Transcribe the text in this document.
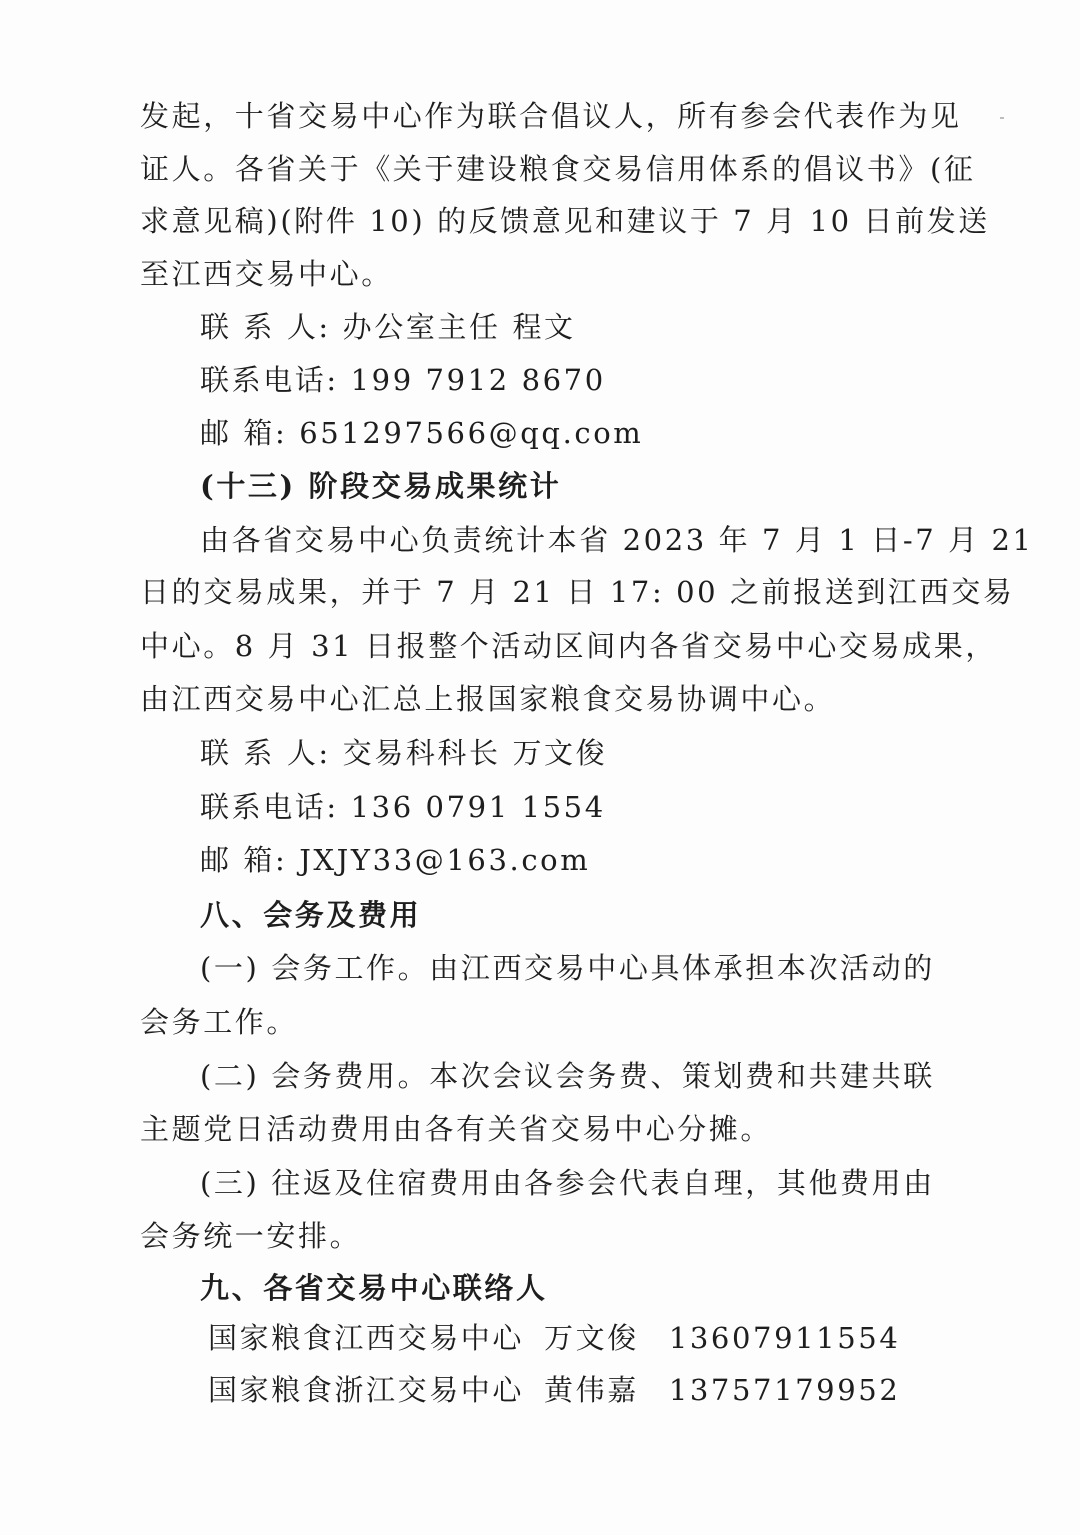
发起，十省交易中心作为联合倡议人，所有参会代表作为见
证人。各省关于《关于建设粮食交易信用体系的倡议书》(征
求意见稿)(附件 10) 的反馈意见和建议于 7 月 10 日前发送
至江西交易中心。
联 系 人: 办公室主任 程文
联系电话: 199 7912 8670
邮 箱: 651297566@qq.com
(十三) 阶段交易成果统计
由各省交易中心负责统计本省 2023 年 7 月 1 日-7 月 21
日的交易成果，并于 7 月 21 日 17: 00 之前报送到江西交易
中心。8 月 31 日报整个活动区间内各省交易中心交易成果，
由江西交易中心汇总上报国家粮食交易协调中心。
联 系 人: 交易科科长 万文俊
联系电话: 136 0791 1554
邮 箱: JXJY33@163.com
八、会务及费用
(一) 会务工作。由江西交易中心具体承担本次活动的
会务工作。
(二) 会务费用。本次会议会务费、策划费和共建共联
主题党日活动费用由各有关省交易中心分摊。
(三) 往返及住宿费用由各参会代表自理，其他费用由
会务统一安排。
九、各省交易中心联络人
国家粮食江西交易中心 万文俊 13607911554
国家粮食浙江交易中心 黄伟嘉 13757179952
